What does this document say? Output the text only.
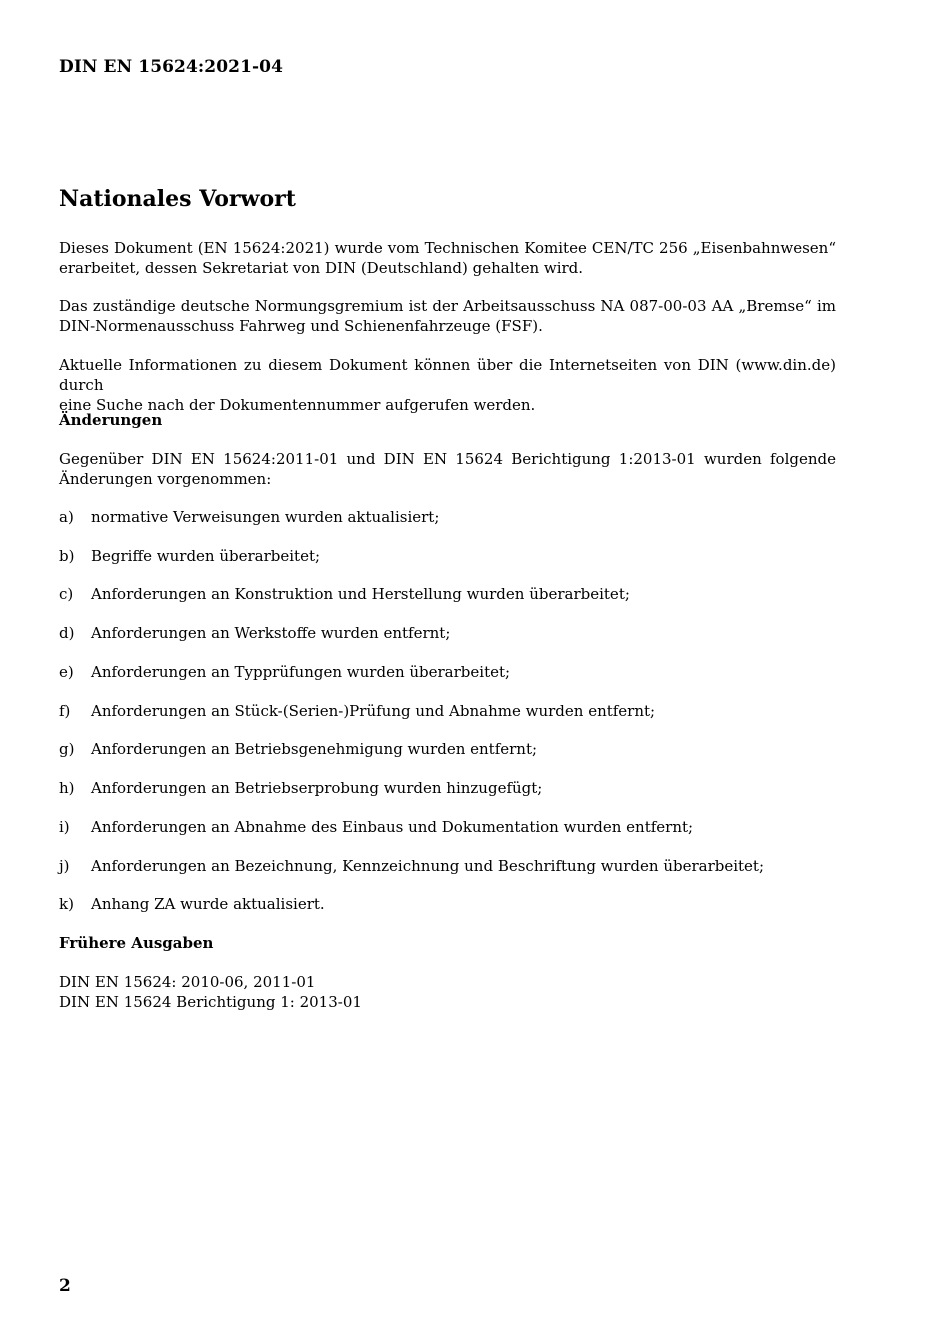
DIN EN 15624:2021-04
Nationales Vorwort
Dieses Dokument (EN 15624:2021) wurde vom Technischen Komitee CEN/TC 256 „Eisenbahnwesen“
erarbeitet, dessen Sekretariat von DIN (Deutschland) gehalten wird.
Das zuständige deutsche Normungsgremium ist der Arbeitsausschuss NA 087-00-03 AA „Bremse“ im
DIN-Normenausschuss Fahrweg und Schienenfahrzeuge (FSF).
Aktuelle Informationen zu diesem Dokument können über die Internetseiten von DIN (www.din.de) durch
eine Suche nach der Dokumentennummer aufgerufen werden.
Änderungen
Gegenüber DIN EN 15624:2011-01 und DIN EN 15624 Berichtigung 1:2013-01 wurden folgende
Änderungen vorgenommen:
a)	normative Verweisungen wurden aktualisiert;
b)	Begriffe wurden überarbeitet;
c)	Anforderungen an Konstruktion und Herstellung wurden überarbeitet;
d)	Anforderungen an Werkstoffe wurden entfernt;
e)	Anforderungen an Typprüfungen wurden überarbeitet;
f)	Anforderungen an Stück-(Serien-)Prüfung und Abnahme wurden entfernt;
g)	Anforderungen an Betriebsgenehmigung wurden entfernt;
h)	Anforderungen an Betriebserprobung wurden hinzugefügt;
i)	Anforderungen an Abnahme des Einbaus und Dokumentation wurden entfernt;
j)	Anforderungen an Bezeichnung, Kennzeichnung und Beschriftung wurden überarbeitet;
k)	Anhang ZA wurde aktualisiert.
Frühere Ausgaben
DIN EN 15624: 2010-06, 2011-01
DIN EN 15624 Berichtigung 1: 2013-01
2
